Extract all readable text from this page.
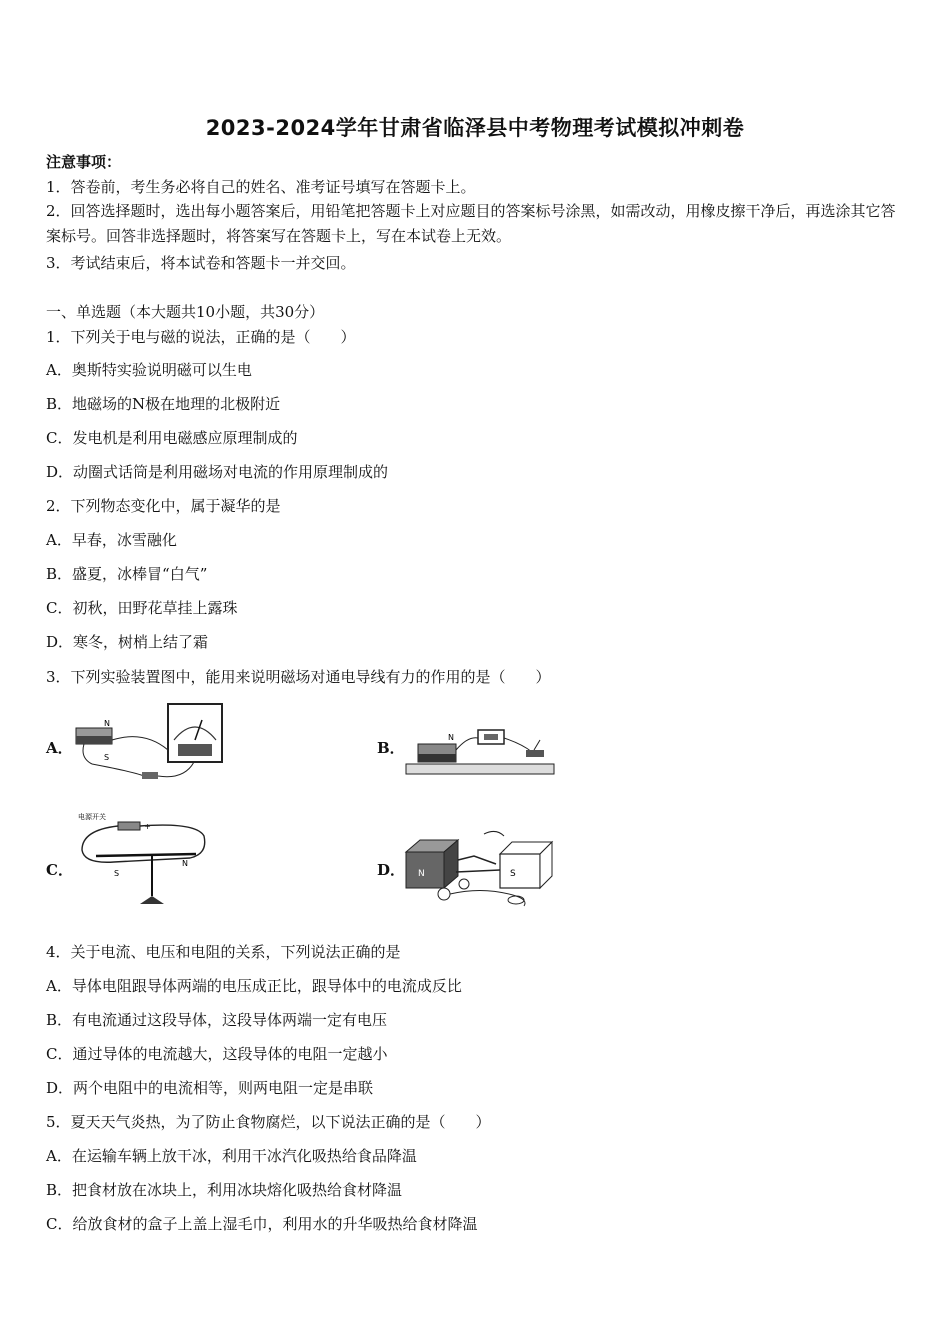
2023-2024学年甘肃省临泽县中考物理考试模拟冲刺卷
注意事项：
1．答卷前，考生务必将自己的姓名、准考证号填写在答题卡上。
2．回答选择题时，选出每小题答案后，用铅笔把答题卡上对应题目的答案标号涂黑，如需改动，用橡皮擦干净后，再选涂其它答案标号。回答非选择题时，将答案写在答题卡上，写在本试卷上无效。
3．考试结束后，将本试卷和答题卡一并交回。
一、单选题（本大题共10小题，共30分）
1．下列关于电与磁的说法，正确的是（　　）
A．奥斯特实验说明磁可以生电
B．地磁场的N极在地理的北极附近
C．发电机是利用电磁感应原理制成的
D．动圈式话筒是利用磁场对电流的作用原理制成的
2．下列物态变化中，属于凝华的是
A．早春，冰雪融化
B．盛夏，冰棒冒“白气”
C．初秋，田野花草挂上露珠
D．寒冬，树梢上结了霜
3．下列实验装置图中，能用来说明磁场对通电导线有力的作用的是（　　）
A．
N
S
B．
N
C．
电源开关
+
S
N	D． N	S
4．关于电流、电压和电阻的关系，下列说法正确的是
A．导体电阻跟导体两端的电压成正比，跟导体中的电流成反比
B．有电流通过这段导体，这段导体两端一定有电压
C．通过导体的电流越大，这段导体的电阻一定越小
D．两个电阻中的电流相等，则两电阻一定是串联
5．夏天天气炎热，为了防止食物腐烂，以下说法正确的是（　　）
A．在运输车辆上放干冰，利用干冰汽化吸热给食品降温
B．把食材放在冰块上，利用冰块熔化吸热给食材降温
C．给放食材的盒子上盖上湿毛巾，利用水的升华吸热给食材降温
